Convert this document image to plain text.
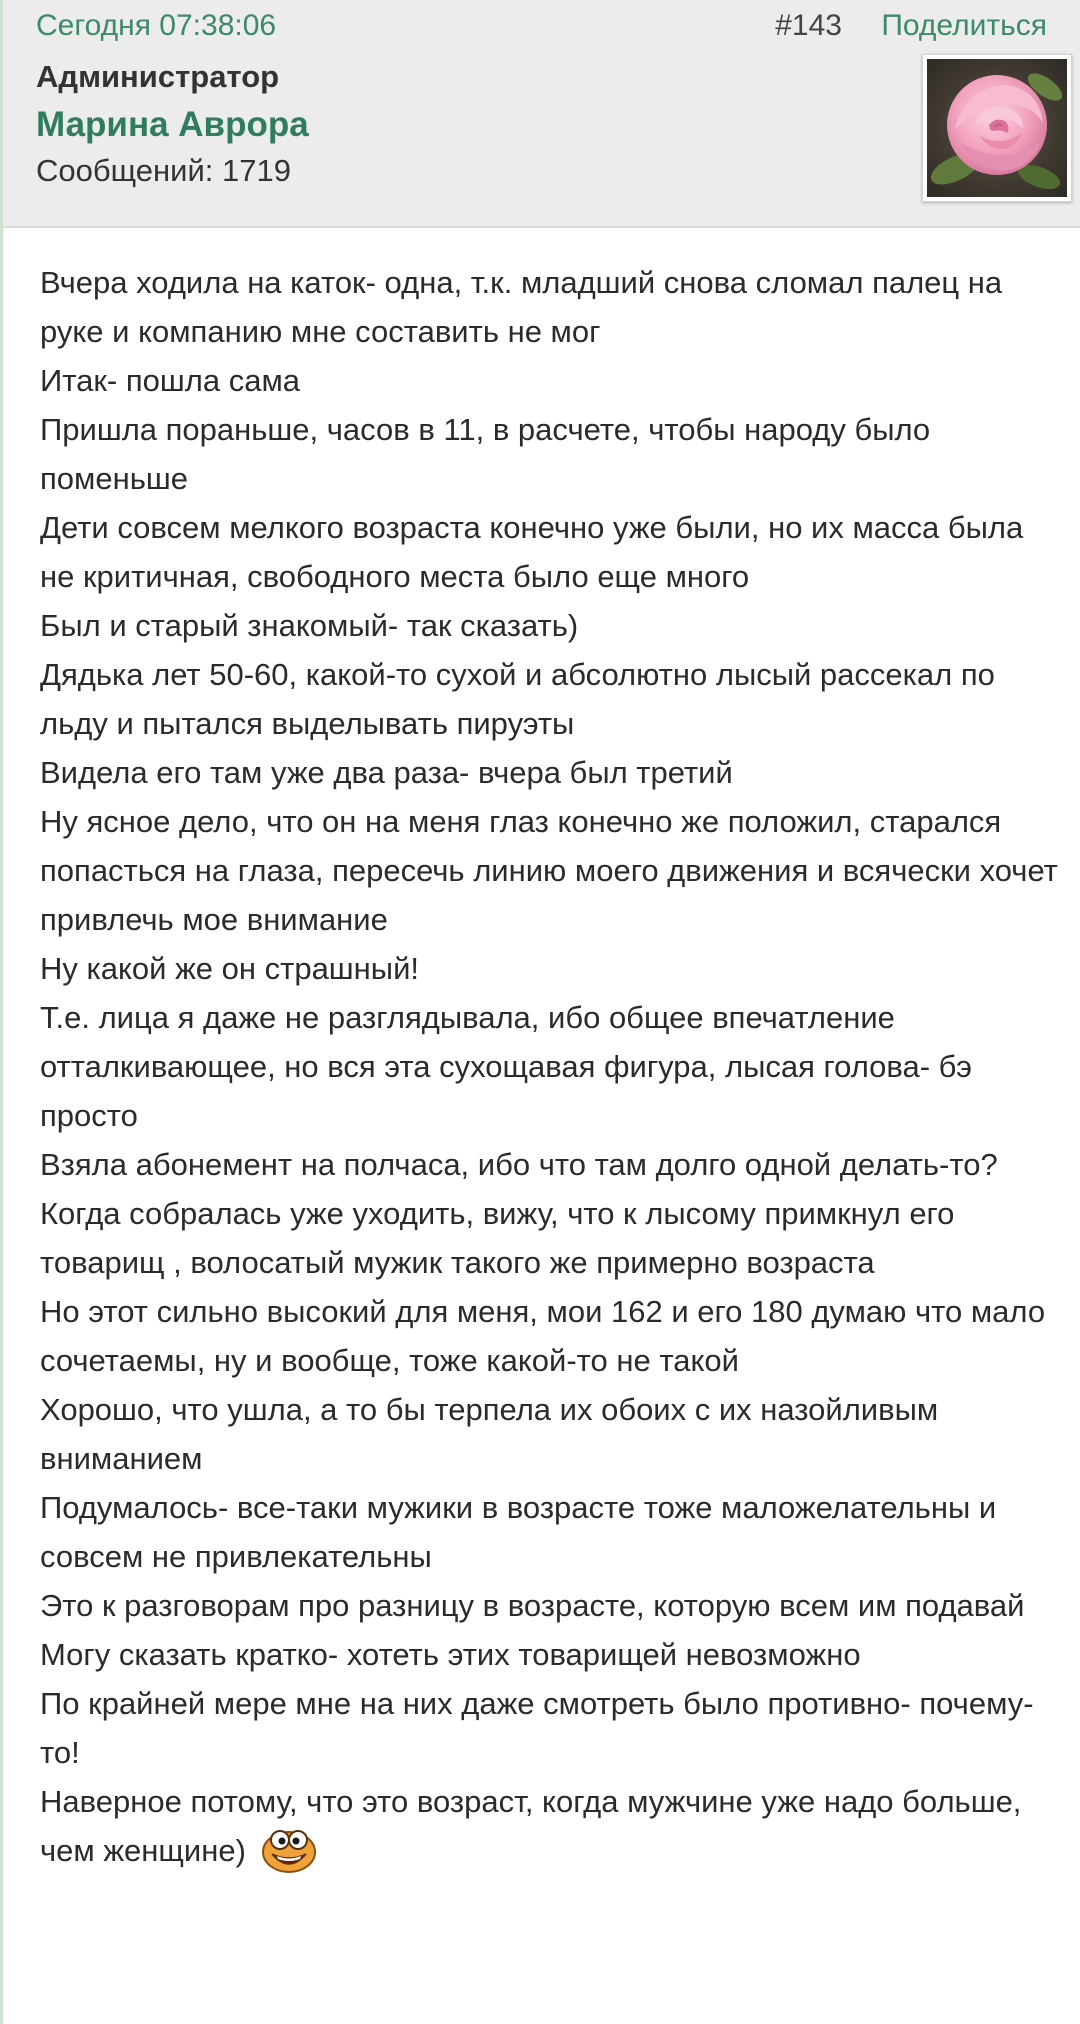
Сегодня 07:38:06	#143 Поделиться
Администратор
Марина Аврора
Сообщений: 1719
Вчера ходила на каток- одна, т.к. младший снова сломал палец на руке и компанию мне составить не мог
Итак- пошла сама
Пришла пораньше, часов в 11, в расчете, чтобы народу было поменьше
Дети совсем мелкого возраста конечно уже были, но их масса была не критичная, свободного места было еще много
Был и старый знакомый- так сказать)
Дядька лет 50-60, какой-то сухой и абсолютно лысый рассекал по льду и пытался выделывать пируэты
Видела его там уже два раза- вчера был третий
Ну ясное дело, что он на меня глаз конечно же положил, старался попасться на глаза, пересечь линию моего движения и всячески хочет привлечь мое внимание
Ну какой же он страшный!
Т.е. лица я даже не разглядывала, ибо общее впечатление отталкивающее, но вся эта сухощавая фигура, лысая голова- бэ просто
Взяла абонемент на полчаса, ибо что там долго одной делать-то?
Когда собралась уже уходить, вижу, что к лысому примкнул его товарищ , волосатый мужик такого же примерно возраста
Но этот сильно высокий для меня, мои 162 и его 180 думаю что мало сочетаемы, ну и вообще, тоже какой-то не такой
Хорошо, что ушла, а то бы терпела их обоих с их назойливым вниманием
Подумалось- все-таки мужики в возрасте тоже маложелательны и совсем не привлекательны
Это к разговорам про разницу в возрасте, которую всем им подавай
Могу сказать кратко- хотеть этих товарищей невозможно
По крайней мере мне на них даже смотреть было противно- почему-то!
Наверное потому, что это возраст, когда мужчине уже надо больше, чем женщине)
